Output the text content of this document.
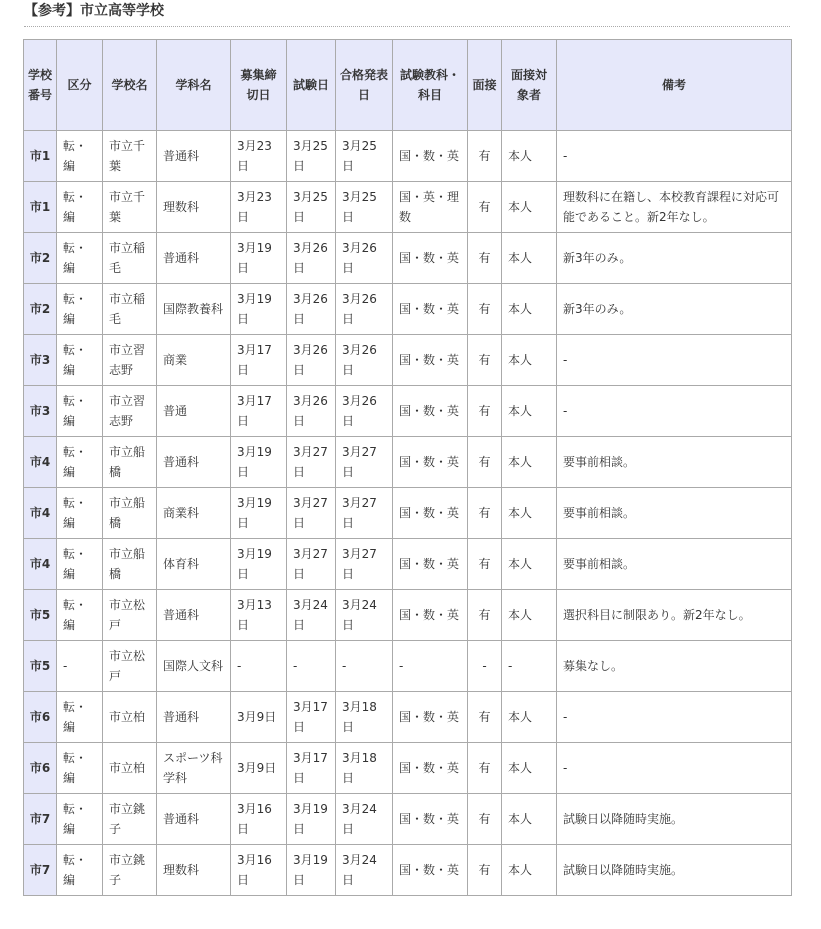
【参考】市立高等学校
学校番号	区分	学校名	学科名	募集締切日	試験日	合格発表日	試験教科・科目	面接	面接対象者	備考
市1	転・編	市立千葉	普通科	3月23日	3月25日	3月25日	国・数・英	有	本人	-
市1	転・編	市立千葉	理数科	3月23日	3月25日	3月25日	国・英・理数	有	本人	理数科に在籍し、本校教育課程に対応可能であること。新2年なし。
市2	転・編	市立稲毛	普通科	3月19日	3月26日	3月26日	国・数・英	有	本人	新3年のみ。
市2	転・編	市立稲毛	国際教養科	3月19日	3月26日	3月26日	国・数・英	有	本人	新3年のみ。
市3	転・編	市立習志野	商業	3月17日	3月26日	3月26日	国・数・英	有	本人	-
市3	転・編	市立習志野	普通	3月17日	3月26日	3月26日	国・数・英	有	本人	-
市4	転・編	市立船橋	普通科	3月19日	3月27日	3月27日	国・数・英	有	本人	要事前相談。
市4	転・編	市立船橋	商業科	3月19日	3月27日	3月27日	国・数・英	有	本人	要事前相談。
市4	転・編	市立船橋	体育科	3月19日	3月27日	3月27日	国・数・英	有	本人	要事前相談。
市5	転・編	市立松戸	普通科	3月13日	3月24日	3月24日	国・数・英	有	本人	選択科目に制限あり。新2年なし。
市5	-	市立松戸	国際人文科	-	-	-	-	-	-	募集なし。
市6	転・編	市立柏	普通科	3月9日	3月17日	3月18日	国・数・英	有	本人	-
市6	転・編	市立柏	スポーツ科学科	3月9日	3月17日	3月18日	国・数・英	有	本人	-
市7	転・編	市立銚子	普通科	3月16日	3月19日	3月24日	国・数・英	有	本人	試験日以降随時実施。
市7	転・編	市立銚子	理数科	3月16日	3月19日	3月24日	国・数・英	有	本人	試験日以降随時実施。
